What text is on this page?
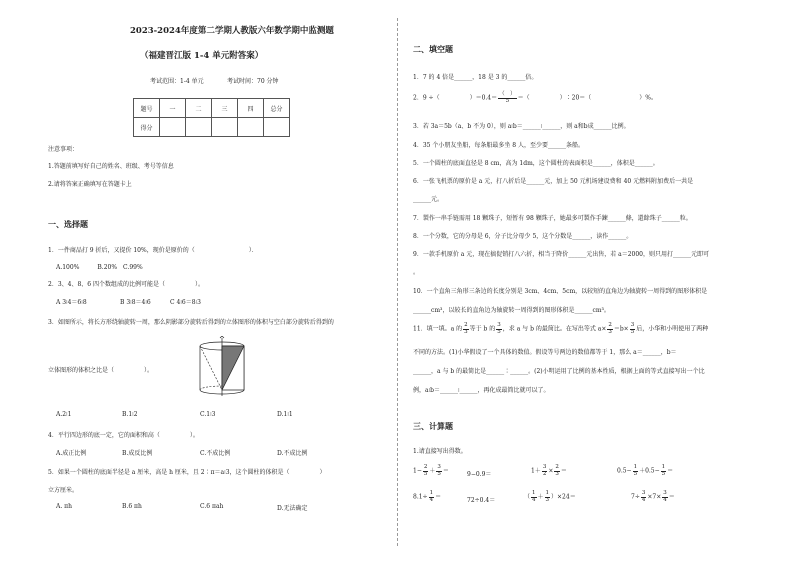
2023-2024年度第二学期人教版六年数学期中监测题
（福建晋江版 1-4 单元附答案）
考试范围：1-4 单元	考试时间：70 分钟
题号	一	二	三	四	总分
得分					
注意事项：
1.答题前填写好自己的姓名、班级、考号等信息
2.请将答案正确填写在答题卡上
一、选择题
1．一件商品打 9 折后，又提价 10%，现价是原价的（　　　　　　　　　）．
A.100%　　　B.20%　C.99%
2．3、4、8、6 四个数组成的比例可能是（　　　　　）。
A 3∶4＝6∶8	B 3∶8＝4∶6	C 4∶6＝8∶3
3．如图所示，将长方形绕轴旋转一周，那么阴影部分旋转后得到的立体图形的体积与空白部分旋转后得到的
立体图形的体积之比是（　　　　　）。
A.2∶1	B.1∶2	C.1∶3	D.1∶1
4．平行四边形的底一定，它的面积和高（　　　　　）。
A.成正比例	B.成反比例	C.不成比例	D.不成比例
5．如果一个圆柱的底面半径是 a 厘米，高是 h 厘米，且 2∶π＝a∶3，这个圆柱的体积是（　　　　　）
立方厘米。
A. πh	B.6 πh	C.6 πah	D.无法确定
二、填空题
1．7 的 4 倍是______，18 是 3 的______倍。
2．9 ÷（　　　　　）$=0.4= \frac{( )}{5}$ ＝（　　　　　）∶20＝（　　　　　　　　）%。
3．若 3a＝5b（a、b 不为 0），则 a∶b＝______∶______，则 a和b成______比例。
4．35 个小朋友坐船，每条船最多坐 8 人，至少要______条船。
5．一个圆柱的底面直径是 8 cm，高为 1dm，这个圆柱的表面积是______，体积是______。
6．一张飞机票的原价是 a 元，打八折后是______元，加上 50 元机场建设费和 40 元燃料附加费后一共是
______元。
7．製作一串手链需用 18 颗珠子，短暂有 98 颗珠子，她最多可製作手鍊______條，還餘珠子______粒。
8．一个分数，它的分母是 6，分子比分母少 5，这个分数是______，读作______。
9．一款手机原价 a 元，现在搞促销打八六折，相当于降价______元出售，若 a＝2000，则只用打______元即可
。
10．一个直角三角形三条边的长度分别是 3cm、4cm、5cm，以较短的直角边为轴旋转一周得到的图形体积是
______cm³，以较长的直角边为轴旋转一周得到的图形体积是______cm³。
11．填一填。a 的 $\frac{2}{3}$ 等于 b 的 $\frac{3}{5}$ ，求 a 与 b 的最简比。在写出等式 $a\times \frac{2}{3} =b\times \frac{3}{5}$ 后，小华和小明使用了两种
不同的方法。(1)小华假设了一个具体的数值。假设等号两边的数值都等于 1，那么 a＝______，b＝
______，a 与 b 的最简比是______∶______。(2)小明运用了比例的基本性质，根据上面的等式直接写出一个比
例，a∶b＝______∶______，再化成最简比就可以了。
三、计算题
1.请直接写出得数。
$1- \frac{2}{5} + \frac{3}{5}$ ＝	9−0.9＝	$1+ \frac{3}{2} \times \frac{2}{3}$ ＝	$0.5- \frac{1}{5} +0.5- \frac{1}{5}$ ＝
$8.1\div \frac{1}{4}$ ＝	72÷0.4＝	（ $\frac{1}{4} + \frac{1}{3} )\times 24=$	$7\div \frac{3}{4} \times 7\times \frac{3}{4}$ ＝
